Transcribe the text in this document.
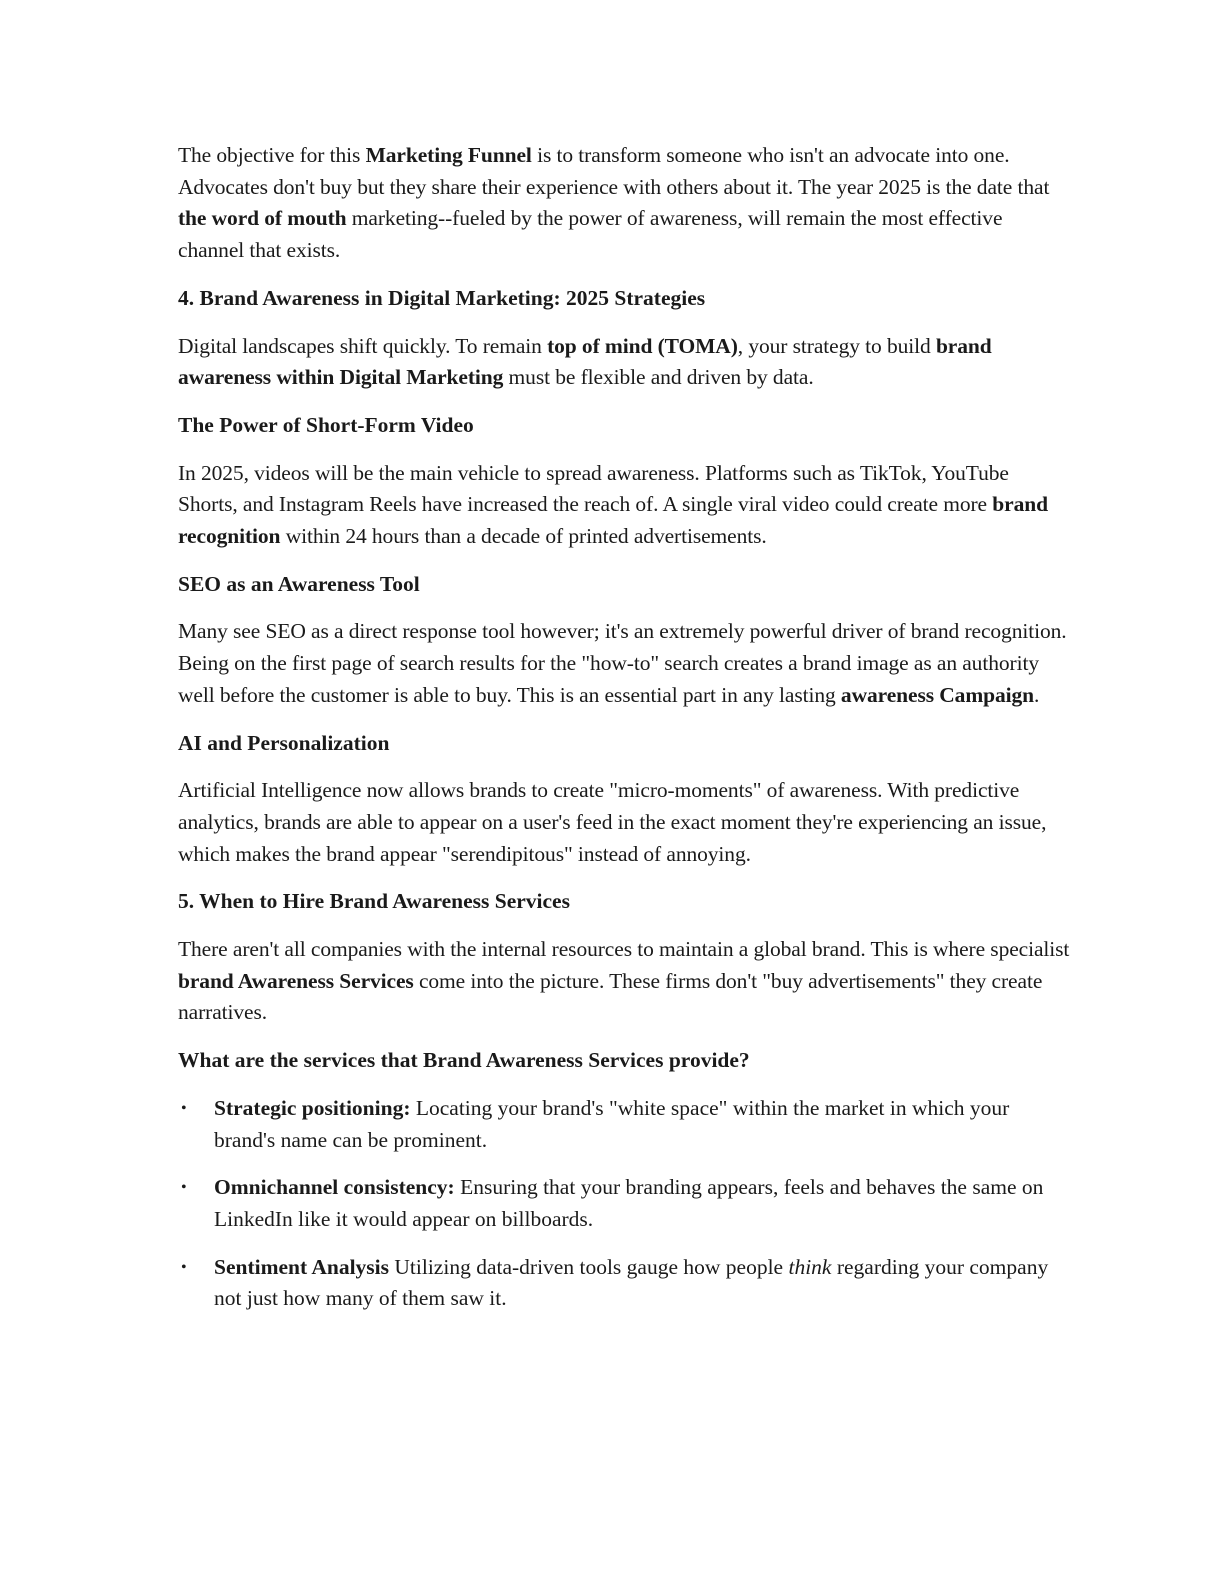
The objective for this Marketing Funnel is to transform someone who isn't an advocate into one. Advocates don't buy but they share their experience with others about it. The year 2025 is the date that the word of mouth marketing--fueled by the power of awareness, will remain the most effective channel that exists.

4. Brand Awareness in Digital Marketing: 2025 Strategies

Digital landscapes shift quickly. To remain top of mind (TOMA), your strategy to build brand awareness within Digital Marketing must be flexible and driven by data.

The Power of Short-Form Video

In 2025, videos will be the main vehicle to spread awareness. Platforms such as TikTok, YouTube Shorts, and Instagram Reels have increased the reach of. A single viral video could create more brand recognition within 24 hours than a decade of printed advertisements.

SEO as an Awareness Tool

Many see SEO as a direct response tool however; it's an extremely powerful driver of brand recognition. Being on the first page of search results for the "how-to" search creates a brand image as an authority well before the customer is able to buy. This is an essential part in any lasting awareness Campaign.

AI and Personalization

Artificial Intelligence now allows brands to create "micro-moments" of awareness. With predictive analytics, brands are able to appear on a user's feed in the exact moment they're experiencing an issue, which makes the brand appear "serendipitous" instead of annoying.

5. When to Hire Brand Awareness Services

There aren't all companies with the internal resources to maintain a global brand. This is where specialist brand Awareness Services come into the picture. These firms don't "buy advertisements" they create narratives.

What are the services that Brand Awareness Services provide?
• Strategic positioning: Locating your brand's "white space" within the market in which your brand's name can be prominent.
• Omnichannel consistency: Ensuring that your branding appears, feels and behaves the same on LinkedIn like it would appear on billboards.
• Sentiment Analysis Utilizing data-driven tools gauge how people think regarding your company not just how many of them saw it.
